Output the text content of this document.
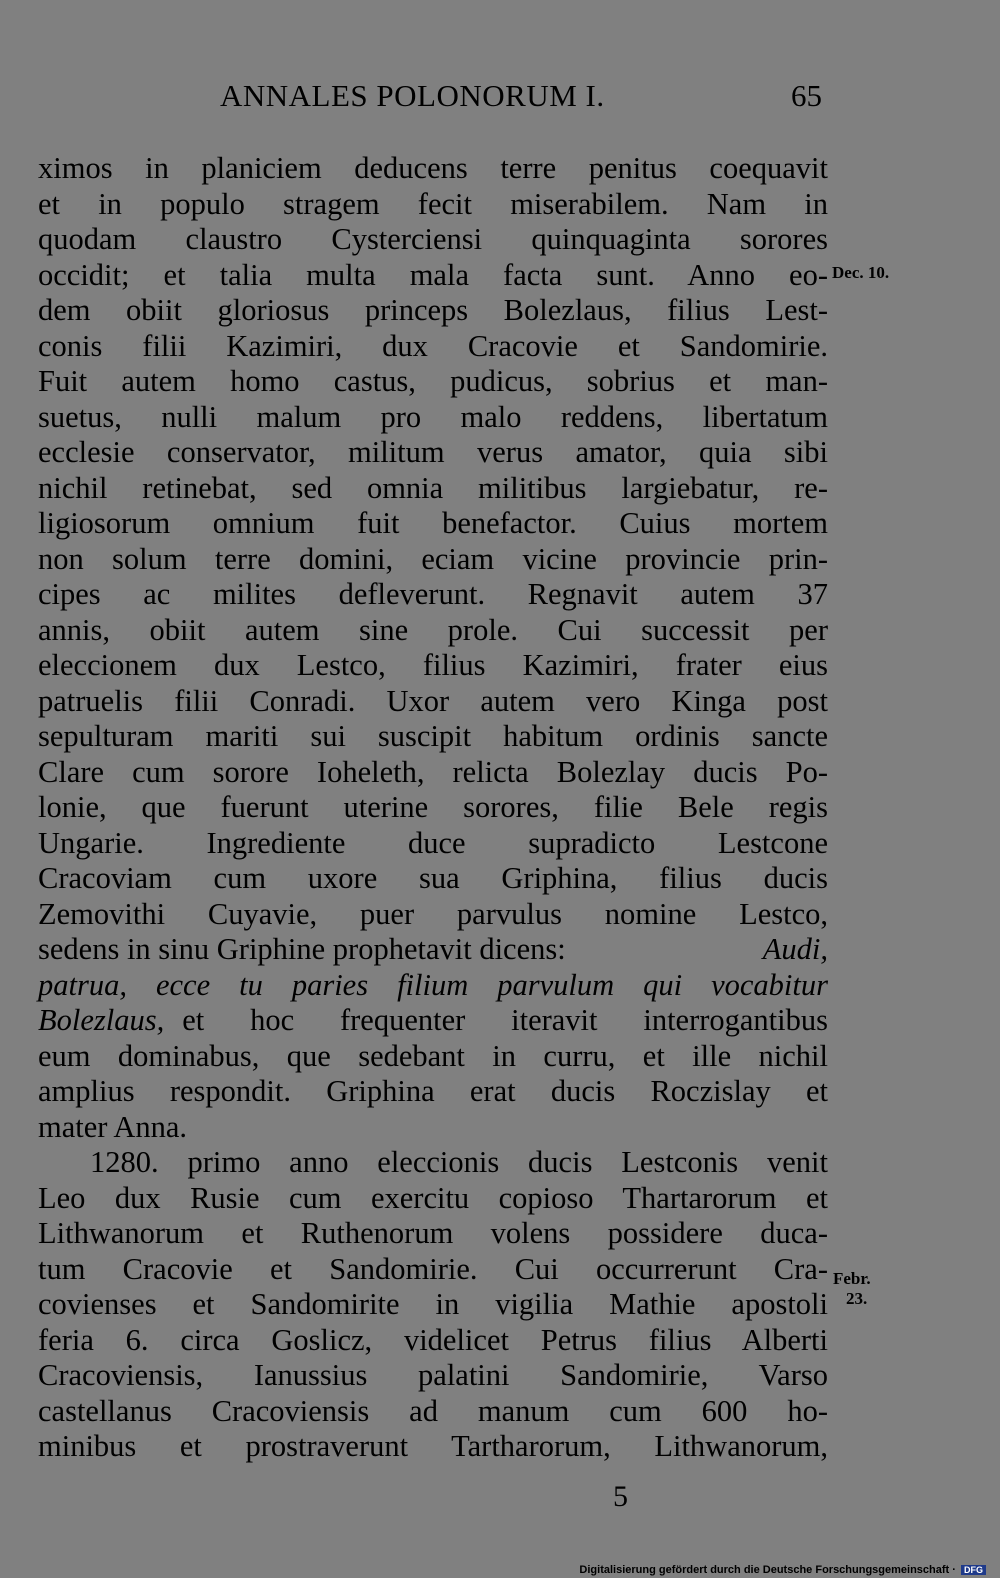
ANNALES POLONORUM I.	65
ximos in planiciem deducens terre penitus coequavit
et in populo stragem fecit miserabilem. Nam in
quodam claustro Cysterciensi quinquaginta sorores
occidit; et talia multa mala facta sunt. Anno eo-
dem obiit gloriosus princeps Bolezlaus, filius Lest-
conis filii Kazimiri, dux Cracovie et Sandomirie.
Fuit autem homo castus, pudicus, sobrius et man-
suetus, nulli malum pro malo reddens, libertatum
ecclesie conservator, militum verus amator, quia sibi
nichil retinebat, sed omnia militibus largiebatur, re-
ligiosorum omnium fuit benefactor. Cuius mortem
non solum terre domini, eciam vicine provincie prin-
cipes ac milites defleverunt. Regnavit autem 37
annis, obiit autem sine prole. Cui successit per
eleccionem dux Lestco, filius Kazimiri, frater eius
patruelis filii Conradi. Uxor autem vero Kinga post
sepulturam mariti sui suscipit habitum ordinis sancte
Clare cum sorore Ioheleth, relicta Bolezlay ducis Po-
lonie, que fuerunt uterine sorores, filie Bele regis
Ungarie. Ingrediente duce supradicto Lestcone
Cracoviam cum uxore sua Griphina, filius ducis
Zemovithi Cuyavie, puer parvulus nomine Lestco,
sedens in sinu Griphine prophetavit dicens:	Audi,
patrua, ecce tu paries filium parvulum qui vocabitur
Bolezlaus, et hoc frequenter iteravit interrogantibus
eum dominabus, que sedebant in curru, et ille nichil
amplius respondit. Griphina erat ducis Roczislay et
mater Anna.
1280. primo anno eleccionis ducis Lestconis venit
Leo dux Rusie cum exercitu copioso Thartarorum et
Lithwanorum et Ruthenorum volens possidere duca-
tum Cracovie et Sandomirie. Cui occurrerunt Cra-
covienses et Sandomirite in vigilia Mathie apostoli
feria 6. circa Goslicz, videlicet Petrus filius Alberti
Cracoviensis, Ianussius palatini Sandomirie, Varso
castellanus Cracoviensis ad manum cum 600 ho-
minibus et prostraverunt Tartharorum, Lithwanorum,
Dec. 10.
Febr.
23.
5
Digitalisierung gefördert durch die Deutsche Forschungsgemeinschaft · DFG
